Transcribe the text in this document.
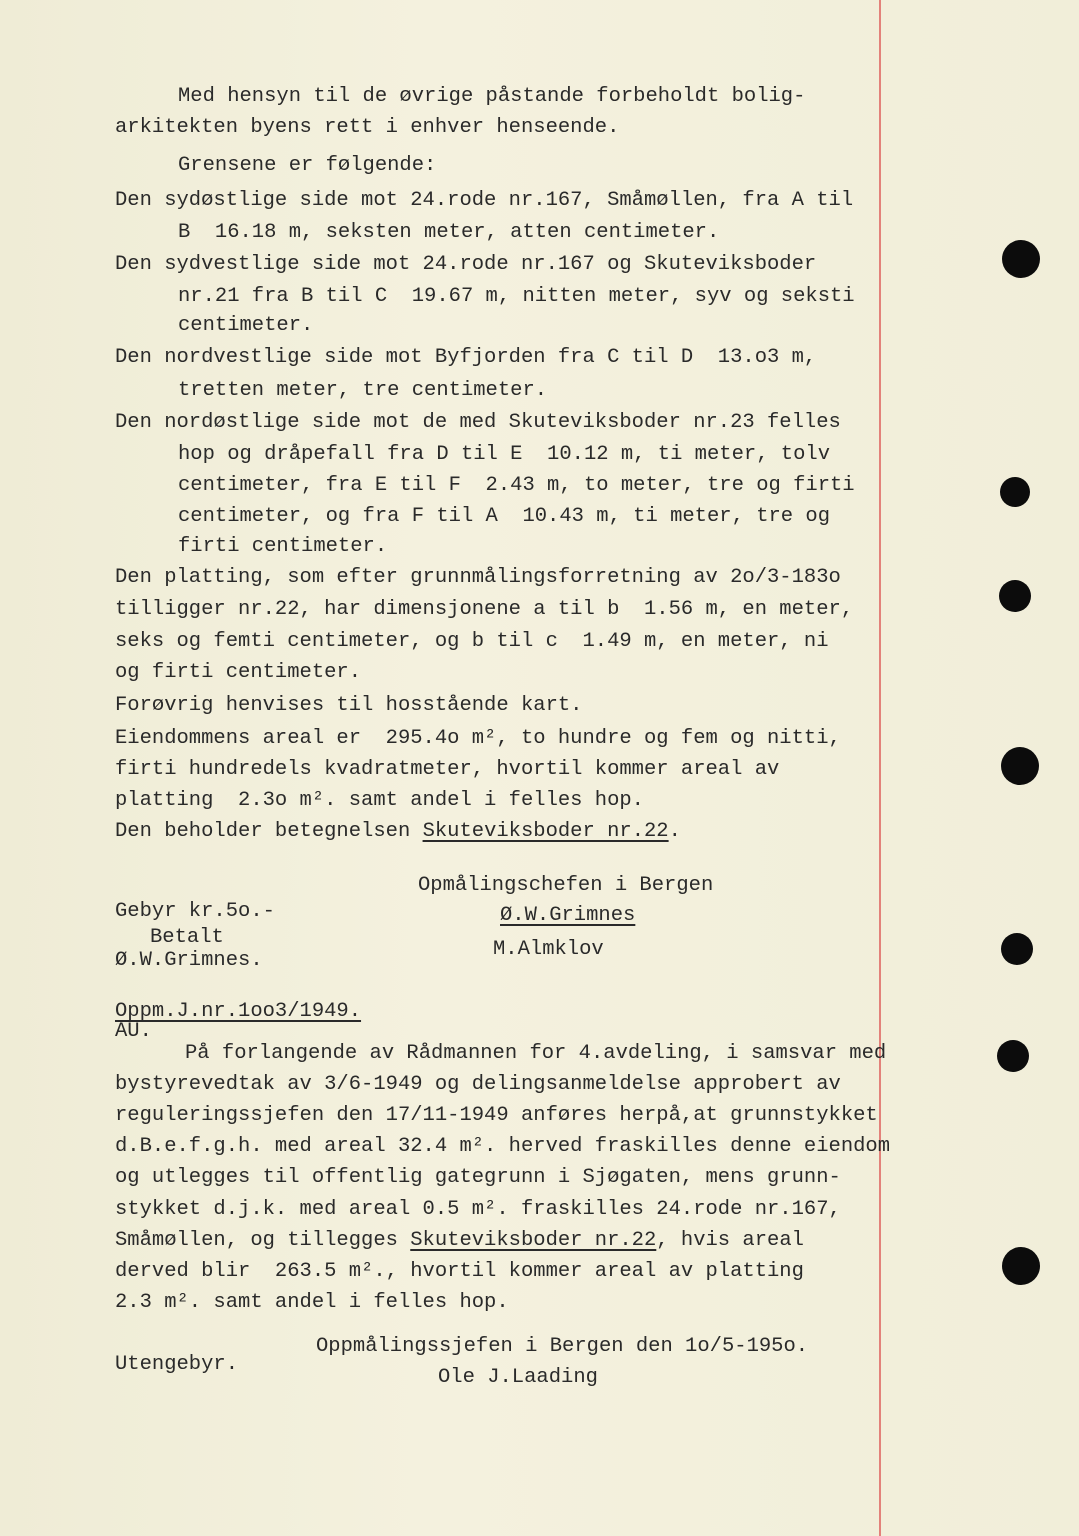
Med hensyn til de øvrige påstande forbeholdt bolig-
arkitekten byens rett i enhver henseende.
Grensene er følgende:
Den sydøstlige side mot 24.rode nr.167, Småmøllen, fra A til
B  16.18 m, seksten meter, atten centimeter.
Den sydvestlige side mot 24.rode nr.167 og Skuteviksboder
nr.21 fra B til C  19.67 m, nitten meter, syv og seksti
centimeter.
Den nordvestlige side mot Byfjorden fra C til D  13.o3 m,
tretten meter, tre centimeter.
Den nordøstlige side mot de med Skuteviksboder nr.23 felles
hop og dråpefall fra D til E  10.12 m, ti meter, tolv
centimeter, fra E til F  2.43 m, to meter, tre og firti
centimeter, og fra F til A  10.43 m, ti meter, tre og
firti centimeter.
Den platting, som efter grunnmålingsforretning av 2o/3-183o
tilligger nr.22, har dimensjonene a til b  1.56 m, en meter,
seks og femti centimeter, og b til c  1.49 m, en meter, ni
og firti centimeter.
Forøvrig henvises til hosstående kart.
Eiendommens areal er  295.4o m², to hundre og fem og nitti,
firti hundredels kvadratmeter, hvortil kommer areal av
platting  2.3o m². samt andel i felles hop.
Den beholder betegnelsen Skuteviksboder nr.22.
Opmålingschefen i Bergen
Gebyr kr.5o.-	Ø.W.Grimnes
Betalt
M.Almklov
Ø.W.Grimnes.
Oppm.J.nr.1oo3/1949.
AU.
På forlangende av Rådmannen for 4.avdeling, i samsvar med
bystyrevedtak av 3/6-1949 og delingsanmeldelse approbert av
reguleringssjefen den 17/11-1949 anføres herpå,at grunnstykket
d.B.e.f.g.h. med areal 32.4 m². herved fraskilles denne eiendom
og utlegges til offentlig gategrunn i Sjøgaten, mens grunn-
stykket d.j.k. med areal 0.5 m². fraskilles 24.rode nr.167,
Småmøllen, og tillegges Skuteviksboder nr.22, hvis areal
derved blir  263.5 m²., hvortil kommer areal av platting
2.3 m². samt andel i felles hop.
Oppmålingssjefen i Bergen den 1o/5-195o.
Utengebyr.
Ole J.Laading
